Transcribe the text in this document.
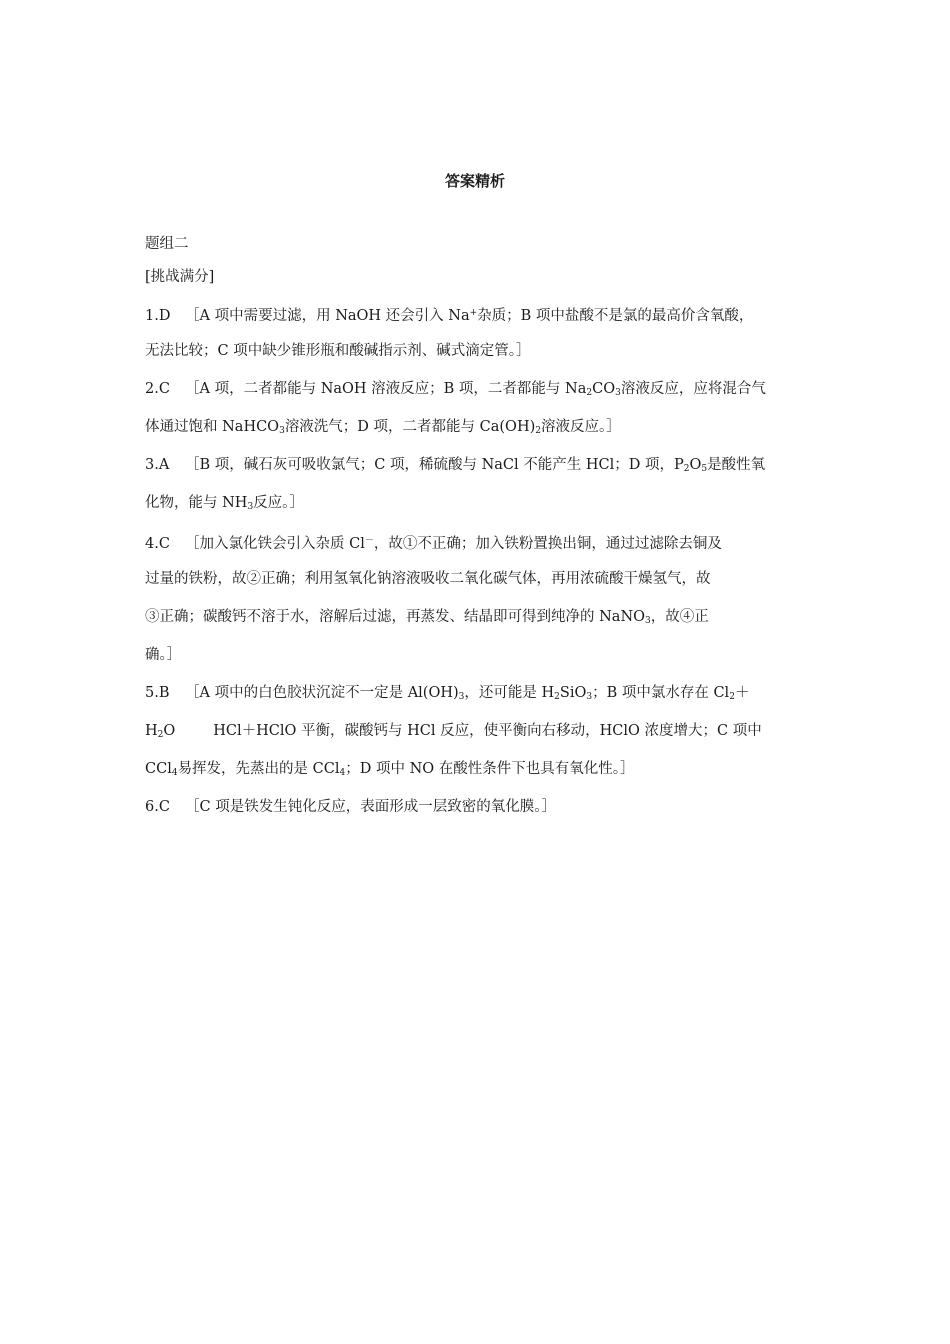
答案精析
题组二
[挑战满分]
1.D ［A 项中需要过滤，用 NaOH 还会引入 Na+杂质；B 项中盐酸不是氯的最高价含氧酸，
无法比较；C 项中缺少锥形瓶和酸碱指示剂、碱式滴定管。］
2.C ［A 项，二者都能与 NaOH 溶液反应；B 项，二者都能与 $Na_2CO_3$溶液反应，应将混合气
体通过饱和 NaHCO$_3$溶液洗气；D 项，二者都能与 $Ca(OH)_2$溶液反应。］
3.A ［B 项，碱石灰可吸收氯气；C 项，稀硫酸与 NaCl 不能产生 HCl；D 项，$P_2O_5$是酸性氧
化物，能与 $NH_3$反应。］
4.C ［加入氯化铁会引入杂质 Cl－，故①不正确；加入铁粉置换出铜，通过过滤除去铜及
过量的铁粉，故②正确；利用氢氧化钠溶液吸收二氧化碳气体，再用浓硫酸干燥氢气，故
③正确；碳酸钙不溶于水，溶解后过滤，再蒸发、结晶即可得到纯净的 NaNO$_3$，故④正
确。］
5.B ［A 项中的白色胶状沉淀不一定是 $Al(OH)_3$，还可能是 $H_2SiO_3$；B 项中氯水存在 $Cl_2+$
$H_2O$	HCl＋HClO 平衡，碳酸钙与 HCl 反应，使平衡向右移动，HClO 浓度增大；C 项中
CCl$_4$易挥发，先蒸出的是 CCl$_4$；D 项中 NO 在酸性条件下也具有氧化性。］
6.C ［C 项是铁发生钝化反应，表面形成一层致密的氧化膜。］
